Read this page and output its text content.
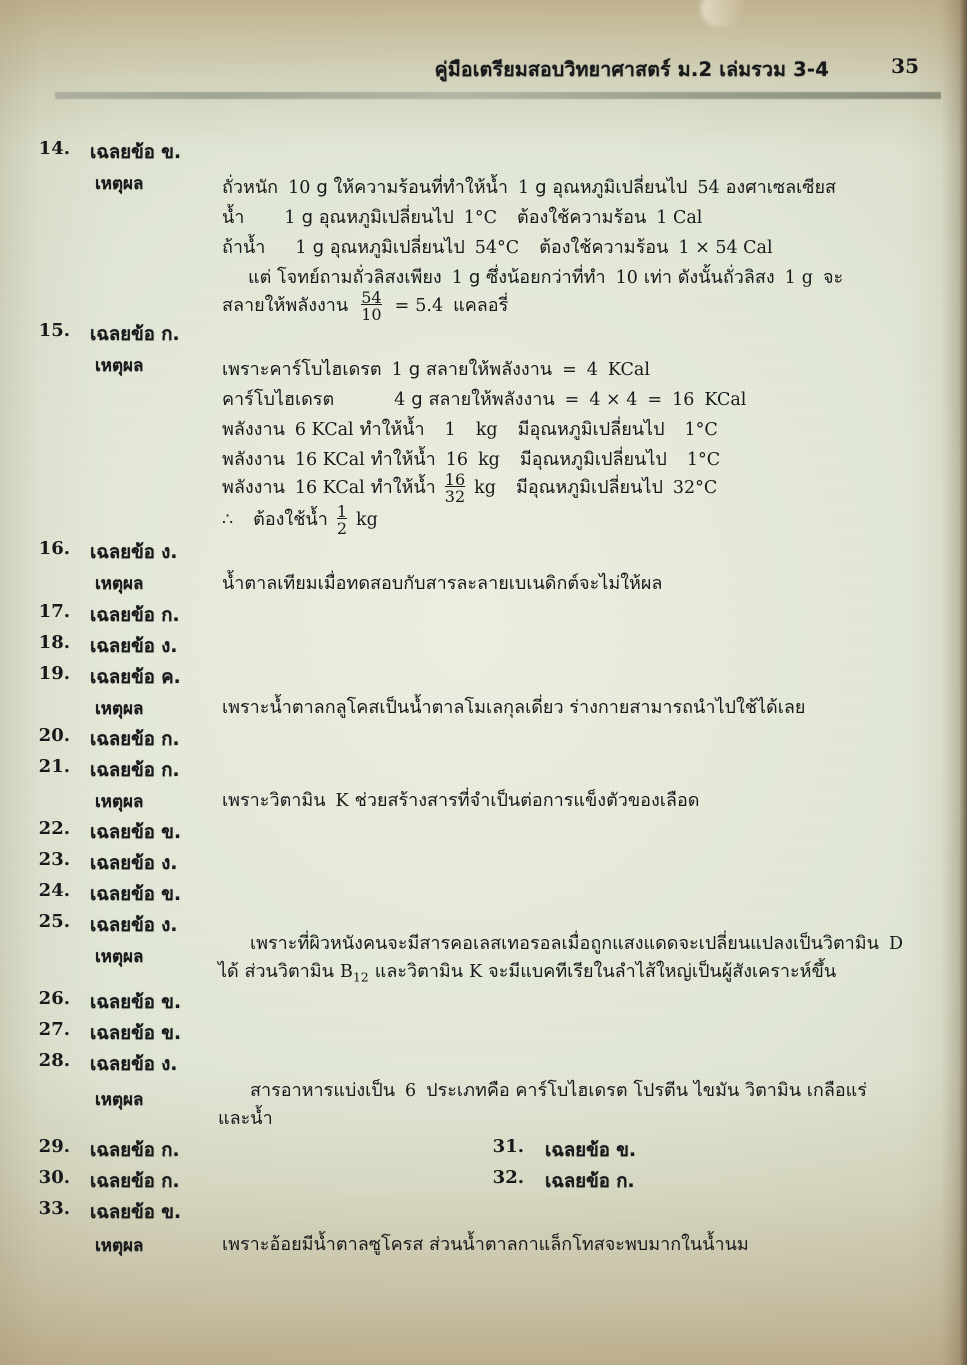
คู่มือเตรียมสอบวิทยาศาสตร์ ม.2 เล่มรวม 3-4	35
14. เฉลยข้อ ข.
เหตุผล	ถั่วหนัก 10 g ให้ความร้อนที่ทำให้น้ำ 1 g อุณหภูมิเปลี่ยนไป 54 องศาเซลเซียส
น้ำ 1 g อุณหภูมิเปลี่ยนไป 1°C ต้องใช้ความร้อน 1 Cal
ถ้าน้ำ 1 g อุณหภูมิเปลี่ยนไป 54°C ต้องใช้ความร้อน 1 × 54 Cal
แต่ โจทย์ถามถั่วลิสงเพียง 1 g ซึ่งน้อยกว่าที่ทำ 10 เท่า ดังนั้นถั่วลิสง 1 g จะ
สลายให้พลังงาน $\frac{54}{10} = 5.4$ แคลอรี่
15. เฉลยข้อ ก.
เหตุผล	เพราะคาร์โบไฮเดรต 1 g สลายให้พลังงาน = 4 KCal
คาร์โบไฮเดรต	4 g สลายให้พลังงาน = 4 × 4 = 16 KCal
พลังงาน 6 KCal ทำให้น้ำ 1 kg มีอุณหภูมิเปลี่ยนไป 1°C
พลังงาน 16 KCal ทำให้น้ำ 16 kg มีอุณหภูมิเปลี่ยนไป 1°C
พลังงาน 16 KCal ทำให้น้ำ $\frac{16}{32}$ kg มีอุณหภูมิเปลี่ยนไป 32°C
∴ ต้องใช้น้ำ $\frac{1}{2}$ kg
16. เฉลยข้อ ง.
เหตุผล	น้ำตาลเทียมเมื่อทดสอบกับสารละลายเบเนดิกต์จะไม่ให้ผล
17. เฉลยข้อ ก.
18. เฉลยข้อ ง.
19. เฉลยข้อ ค.
เหตุผล	เพราะน้ำตาลกลูโคสเป็นน้ำตาลโมเลกุลเดี่ยว ร่างกายสามารถนำไปใช้ได้เลย
20. เฉลยข้อ ก.
21. เฉลยข้อ ก.
เหตุผล	เพราะวิตามิน K ช่วยสร้างสารที่จำเป็นต่อการแข็งตัวของเลือด
22. เฉลยข้อ ข.
23. เฉลยข้อ ง.
24. เฉลยข้อ ข.
25. เฉลยข้อ ง.
เหตุผล
เพราะที่ผิวหนังคนจะมีสารคอเลสเทอรอลเมื่อถูกแสงแดดจะเปลี่ยนแปลงเป็นวิตามิน D
ได้ ส่วนวิตามิน $B_{12}$ และวิตามิน K จะมีแบคทีเรียในลำไส้ใหญ่เป็นผู้สังเคราะห์ขึ้น
26. เฉลยข้อ ข.
27. เฉลยข้อ ข.
28. เฉลยข้อ ง.
เหตุผล	สารอาหารแบ่งเป็น 6 ประเภทคือ คาร์โบไฮเดรต โปรตีน ไขมัน วิตามิน เกลือแร่
และน้ำ
29. เฉลยข้อ ก.	31. เฉลยข้อ ข.
30. เฉลยข้อ ก.	32. เฉลยข้อ ก.
33. เฉลยข้อ ข.
เหตุผล	เพราะอ้อยมีน้ำตาลซูโครส ส่วนน้ำตาลกาแล็กโทสจะพบมากในน้ำนม
